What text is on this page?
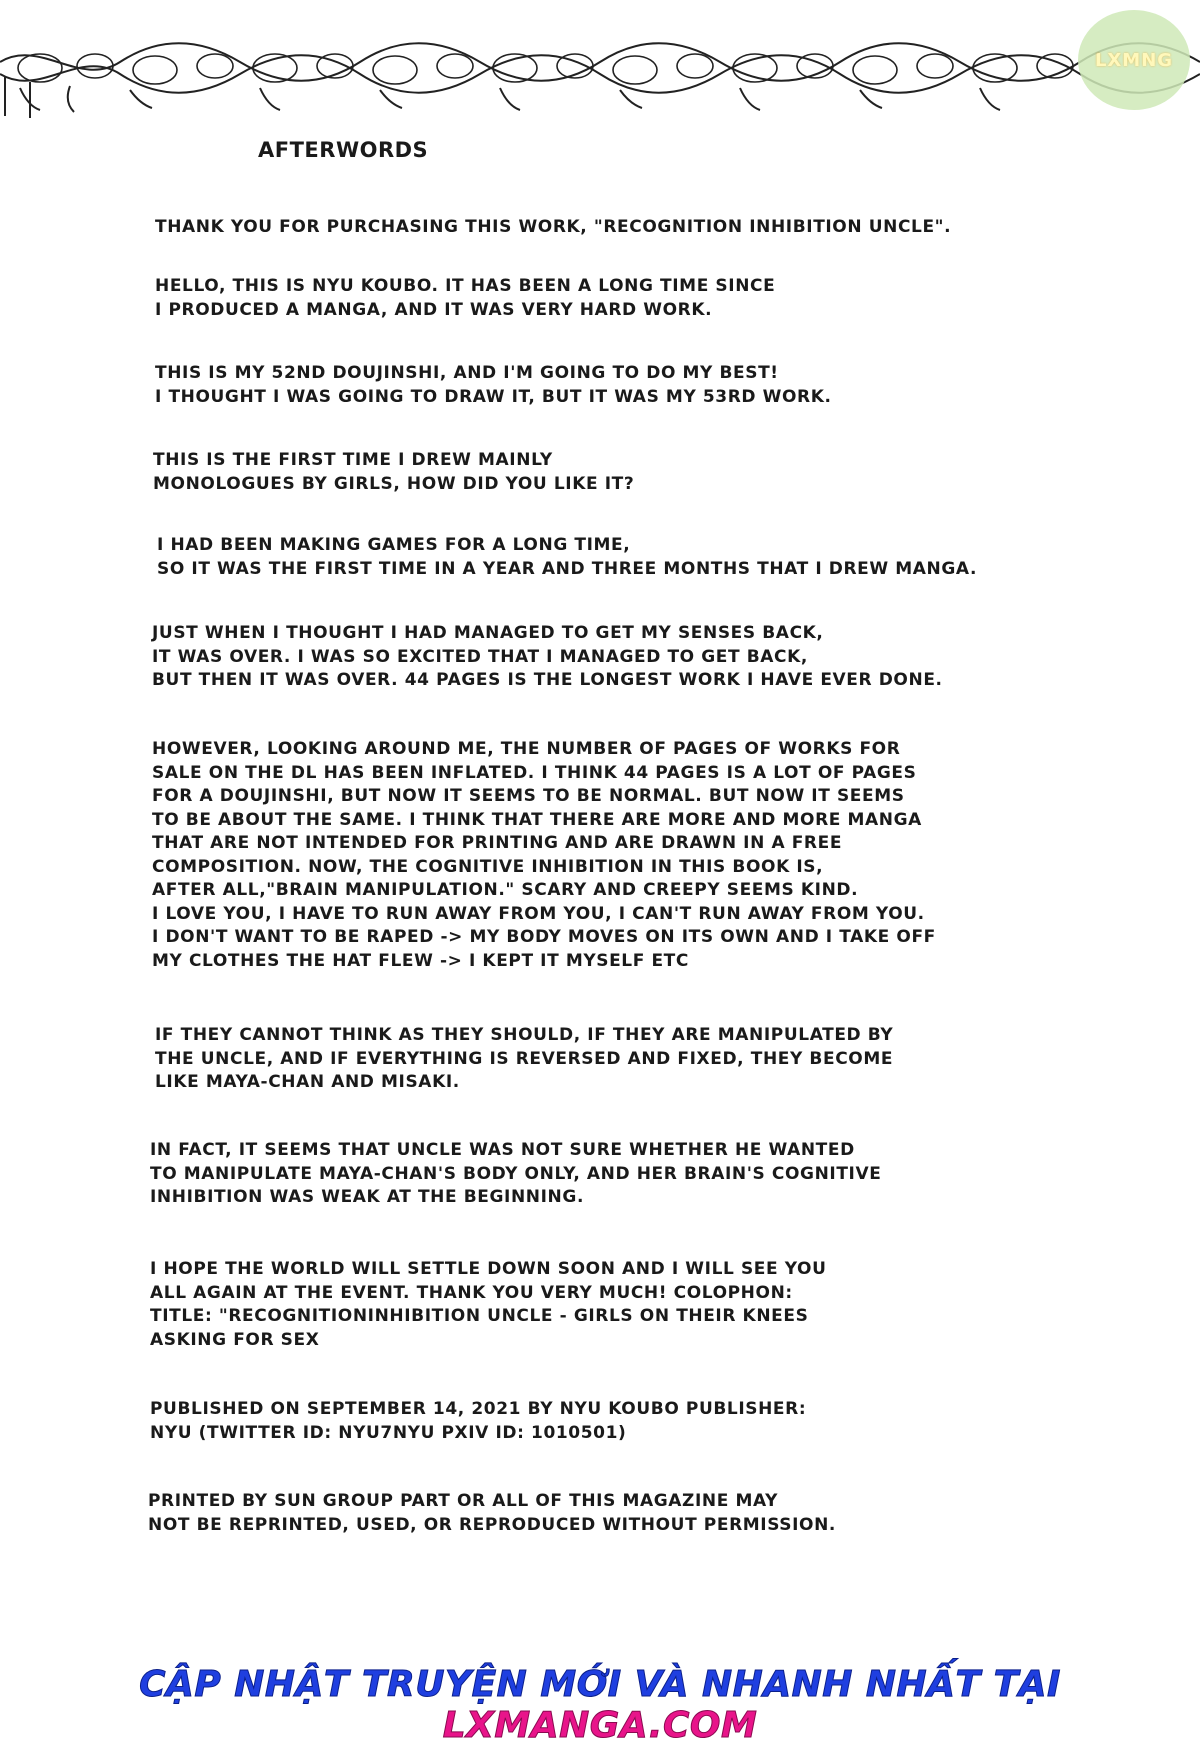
LXMNG
AFTERWORDS

THANK YOU FOR PURCHASING THIS WORK, "RECOGNITION INHIBITION UNCLE".

HELLO, THIS IS NYU KOUBO. IT HAS BEEN A LONG TIME SINCE
I PRODUCED A MANGA, AND IT WAS VERY HARD WORK.

THIS IS MY 52ND DOUJINSHI, AND I'M GOING TO DO MY BEST!
I THOUGHT I WAS GOING TO DRAW IT, BUT IT WAS MY 53RD WORK.

THIS IS THE FIRST TIME I DREW MAINLY
MONOLOGUES BY GIRLS, HOW DID YOU LIKE IT?

I HAD BEEN MAKING GAMES FOR A LONG TIME,
SO IT WAS THE FIRST TIME IN A YEAR AND THREE MONTHS THAT I DREW MANGA.

JUST WHEN I THOUGHT I HAD MANAGED TO GET MY SENSES BACK,
IT WAS OVER. I WAS SO EXCITED THAT I MANAGED TO GET BACK,
BUT THEN IT WAS OVER. 44 PAGES IS THE LONGEST WORK I HAVE EVER DONE.

HOWEVER, LOOKING AROUND ME, THE NUMBER OF PAGES OF WORKS FOR
SALE ON THE DL HAS BEEN INFLATED. I THINK 44 PAGES IS A LOT OF PAGES
FOR A DOUJINSHI, BUT NOW IT SEEMS TO BE NORMAL. BUT NOW IT SEEMS
TO BE ABOUT THE SAME. I THINK THAT THERE ARE MORE AND MORE MANGA
THAT ARE NOT INTENDED FOR PRINTING AND ARE DRAWN IN A FREE
COMPOSITION. NOW, THE COGNITIVE INHIBITION IN THIS BOOK IS,
AFTER ALL,"BRAIN MANIPULATION." SCARY AND CREEPY SEEMS KIND.
I LOVE YOU, I HAVE TO RUN AWAY FROM YOU, I CAN'T RUN AWAY FROM YOU.
I DON'T WANT TO BE RAPED -> MY BODY MOVES ON ITS OWN AND I TAKE OFF
MY CLOTHES THE HAT FLEW -> I KEPT IT MYSELF ETC

IF THEY CANNOT THINK AS THEY SHOULD, IF THEY ARE MANIPULATED BY
THE UNCLE, AND IF EVERYTHING IS REVERSED AND FIXED, THEY BECOME
LIKE MAYA-CHAN AND MISAKI.

IN FACT, IT SEEMS THAT UNCLE WAS NOT SURE WHETHER HE WANTED
TO MANIPULATE MAYA-CHAN'S BODY ONLY, AND HER BRAIN'S COGNITIVE
INHIBITION WAS WEAK AT THE BEGINNING.

I HOPE THE WORLD WILL SETTLE DOWN SOON AND I WILL SEE YOU
ALL AGAIN AT THE EVENT. THANK YOU VERY MUCH! COLOPHON:
TITLE: "RECOGNITIONINHIBITION UNCLE - GIRLS ON THEIR KNEES
ASKING FOR SEX

PUBLISHED ON SEPTEMBER 14, 2021 BY NYU KOUBO PUBLISHER:
NYU (TWITTER ID: NYU7NYU PXIV ID: 1010501)

PRINTED BY SUN GROUP PART OR ALL OF THIS MAGAZINE MAY
NOT BE REPRINTED, USED, OR REPRODUCED WITHOUT PERMISSION.

CẬP NHẬT TRUYỆN MỚI VÀ NHANH NHẤT TẠI LXMANGA.COM
